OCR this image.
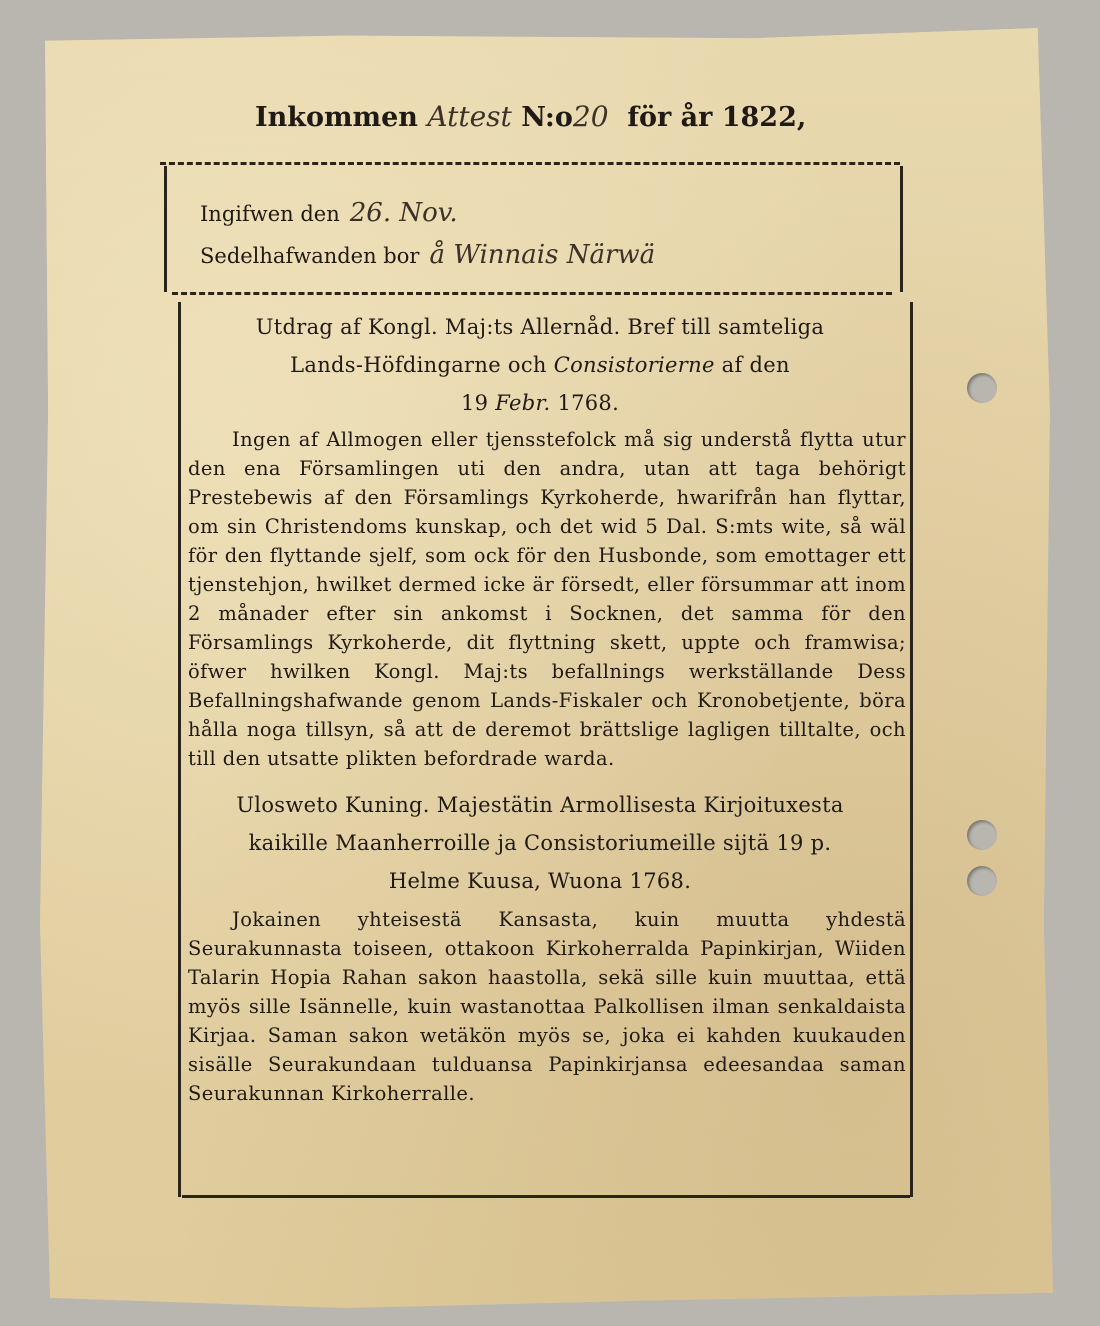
Inkommen Attest N:o20 för år 1822,
Ingifwen den 26. Nov.
Sedelhafwanden bor å Winnais Närwä
Utdrag af Kongl. Maj:ts Allernåd. Bref till samteliga
Lands-Höfdingarne och Consistorierne af den
19 Febr. 1768.
Ingen af Allmogen eller tjensstefolck må sig understå flytta utur den ena Församlingen uti den andra, utan att taga behörigt Prestebewis af den Församlings Kyrkoherde, hwarifrån han flyttar, om sin Christendoms kunskap, och det wid 5 Dal. S:mts wite, så wäl för den flyttande sjelf, som ock för den Husbonde, som emottager ett tjenstehjon, hwilket dermed icke är försedt, eller försummar att inom 2 månader efter sin ankomst i Socknen, det samma för den Församlings Kyrkoherde, dit flyttning skett, uppte och framwisa; öfwer hwilken Kongl. Maj:ts befallnings werkställande Dess Befallningshafwande genom Lands-Fiskaler och Kronobetjente, böra hålla noga tillsyn, så att de deremot brättslige lagligen tilltalte, och till den utsatte plikten befordrade warda.
Ulosweto Kuning. Majestätin Armollisesta Kirjoituxesta
kaikille Maanherroille ja Consistoriumeille sijtä 19 p.
Helme Kuusa, Wuona 1768.
Jokainen yhteisestä Kansasta, kuin muutta yhdestä Seurakunnasta toiseen, ottakoon Kirkoherralda Papinkirjan, Wiiden Talarin Hopia Rahan sakon haastolla, sekä sille kuin muuttaa, että myös sille Isännelle, kuin wastanottaa Palkollisen ilman senkaldaista Kirjaa. Saman sakon wetäkön myös se, joka ei kahden kuukauden sisälle Seurakundaan tulduansa Papinkirjansa edeesandaa saman Seurakunnan Kirkoherralle.
